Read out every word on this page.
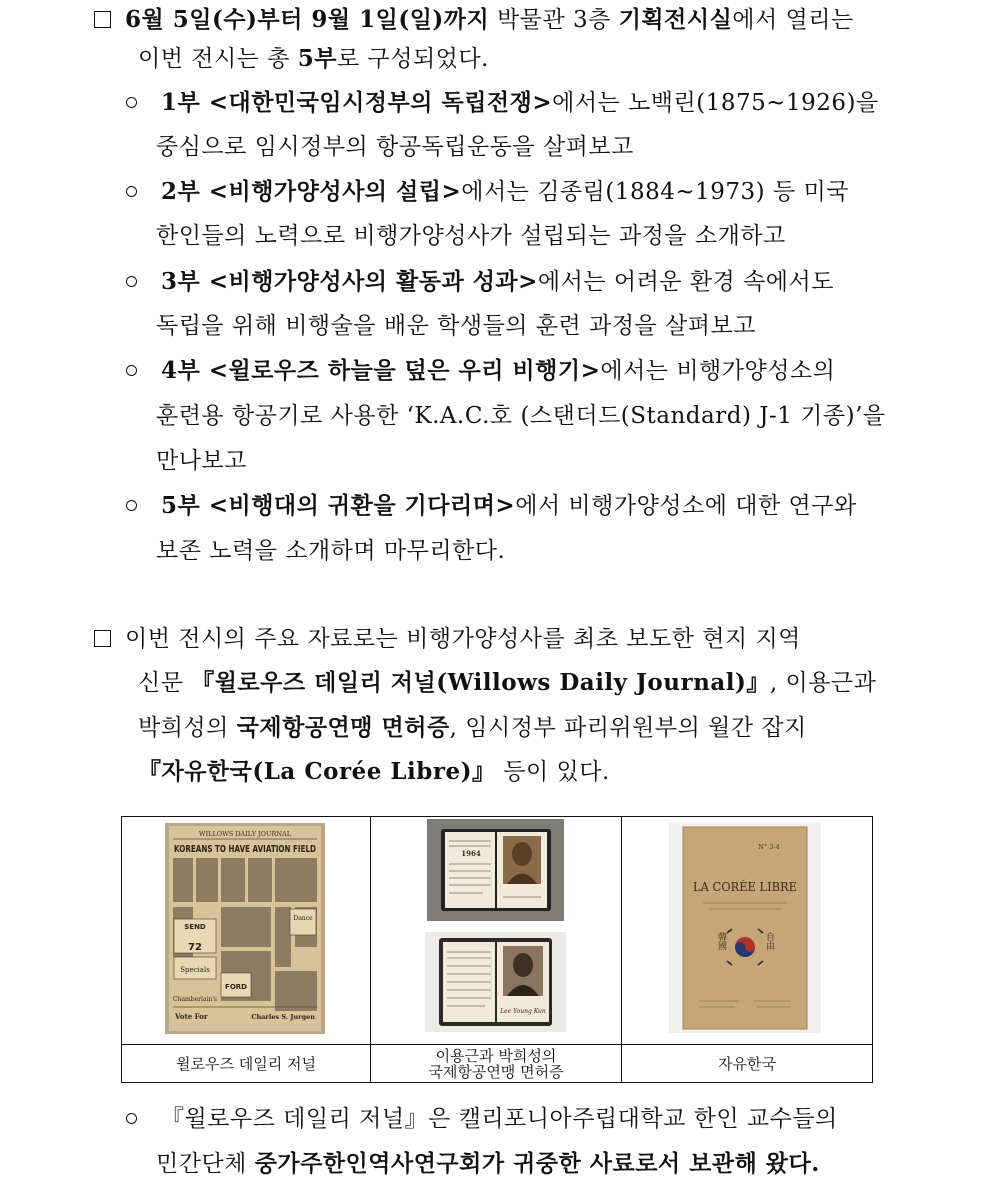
6월 5일(수)부터 9월 1일(일)까지 박물관 3층 기획전시실에서 열리는
이번 전시는 총 5부로 구성되었다.
1부 <대한민국임시정부의 독립전쟁>에서는 노백린(1875~1926)을
중심으로 임시정부의 항공독립운동을 살펴보고
2부 <비행가양성사의 설립>에서는 김종림(1884~1973) 등 미국
한인들의 노력으로 비행가양성사가 설립되는 과정을 소개하고
3부 <비행가양성사의 활동과 성과>에서는 어려운 환경 속에서도
독립을 위해 비행술을 배운 학생들의 훈련 과정을 살펴보고
4부 <윌로우즈 하늘을 덮은 우리 비행기>에서는 비행가양성소의
훈련용 항공기로 사용한 ‘K.A.C.호 (스탠더드(Standard) J-1 기종)’을
만나보고
5부 <비행대의 귀환을 기다리며>에서 비행가양성소에 대한 연구와
보존 노력을 소개하며 마무리한다.
이번 전시의 주요 자료로는 비행가양성사를 최초 보도한 현지 지역
신문 『윌로우즈 데일리 저널(Willows Daily Journal)』, 이용근과
박희성의 국제항공연맹 면허증, 임시정부 파리위원부의 월간 잡지
『자유한국(La Corée Libre)』 등이 있다.

윌로우즈 데일리 저널	이용근과 박희성의
국제항공연맹 면허증	자유한국
WILLOWS DAILY JOURNAL
KOREANS TO HAVE AVIATION FIELD
Dance
SEND
72
Specials
FORD
Chamberlain's
Vote For	Charles S. Jurgen
1964
Lee Young Kun
N° 3-4
LA CORÉE LIBRE
韓國	自由
『윌로우즈 데일리 저널』은 캘리포니아주립대학교 한인 교수들의
민간단체 중가주한인역사연구회가 귀중한 사료로서 보관해 왔다.
